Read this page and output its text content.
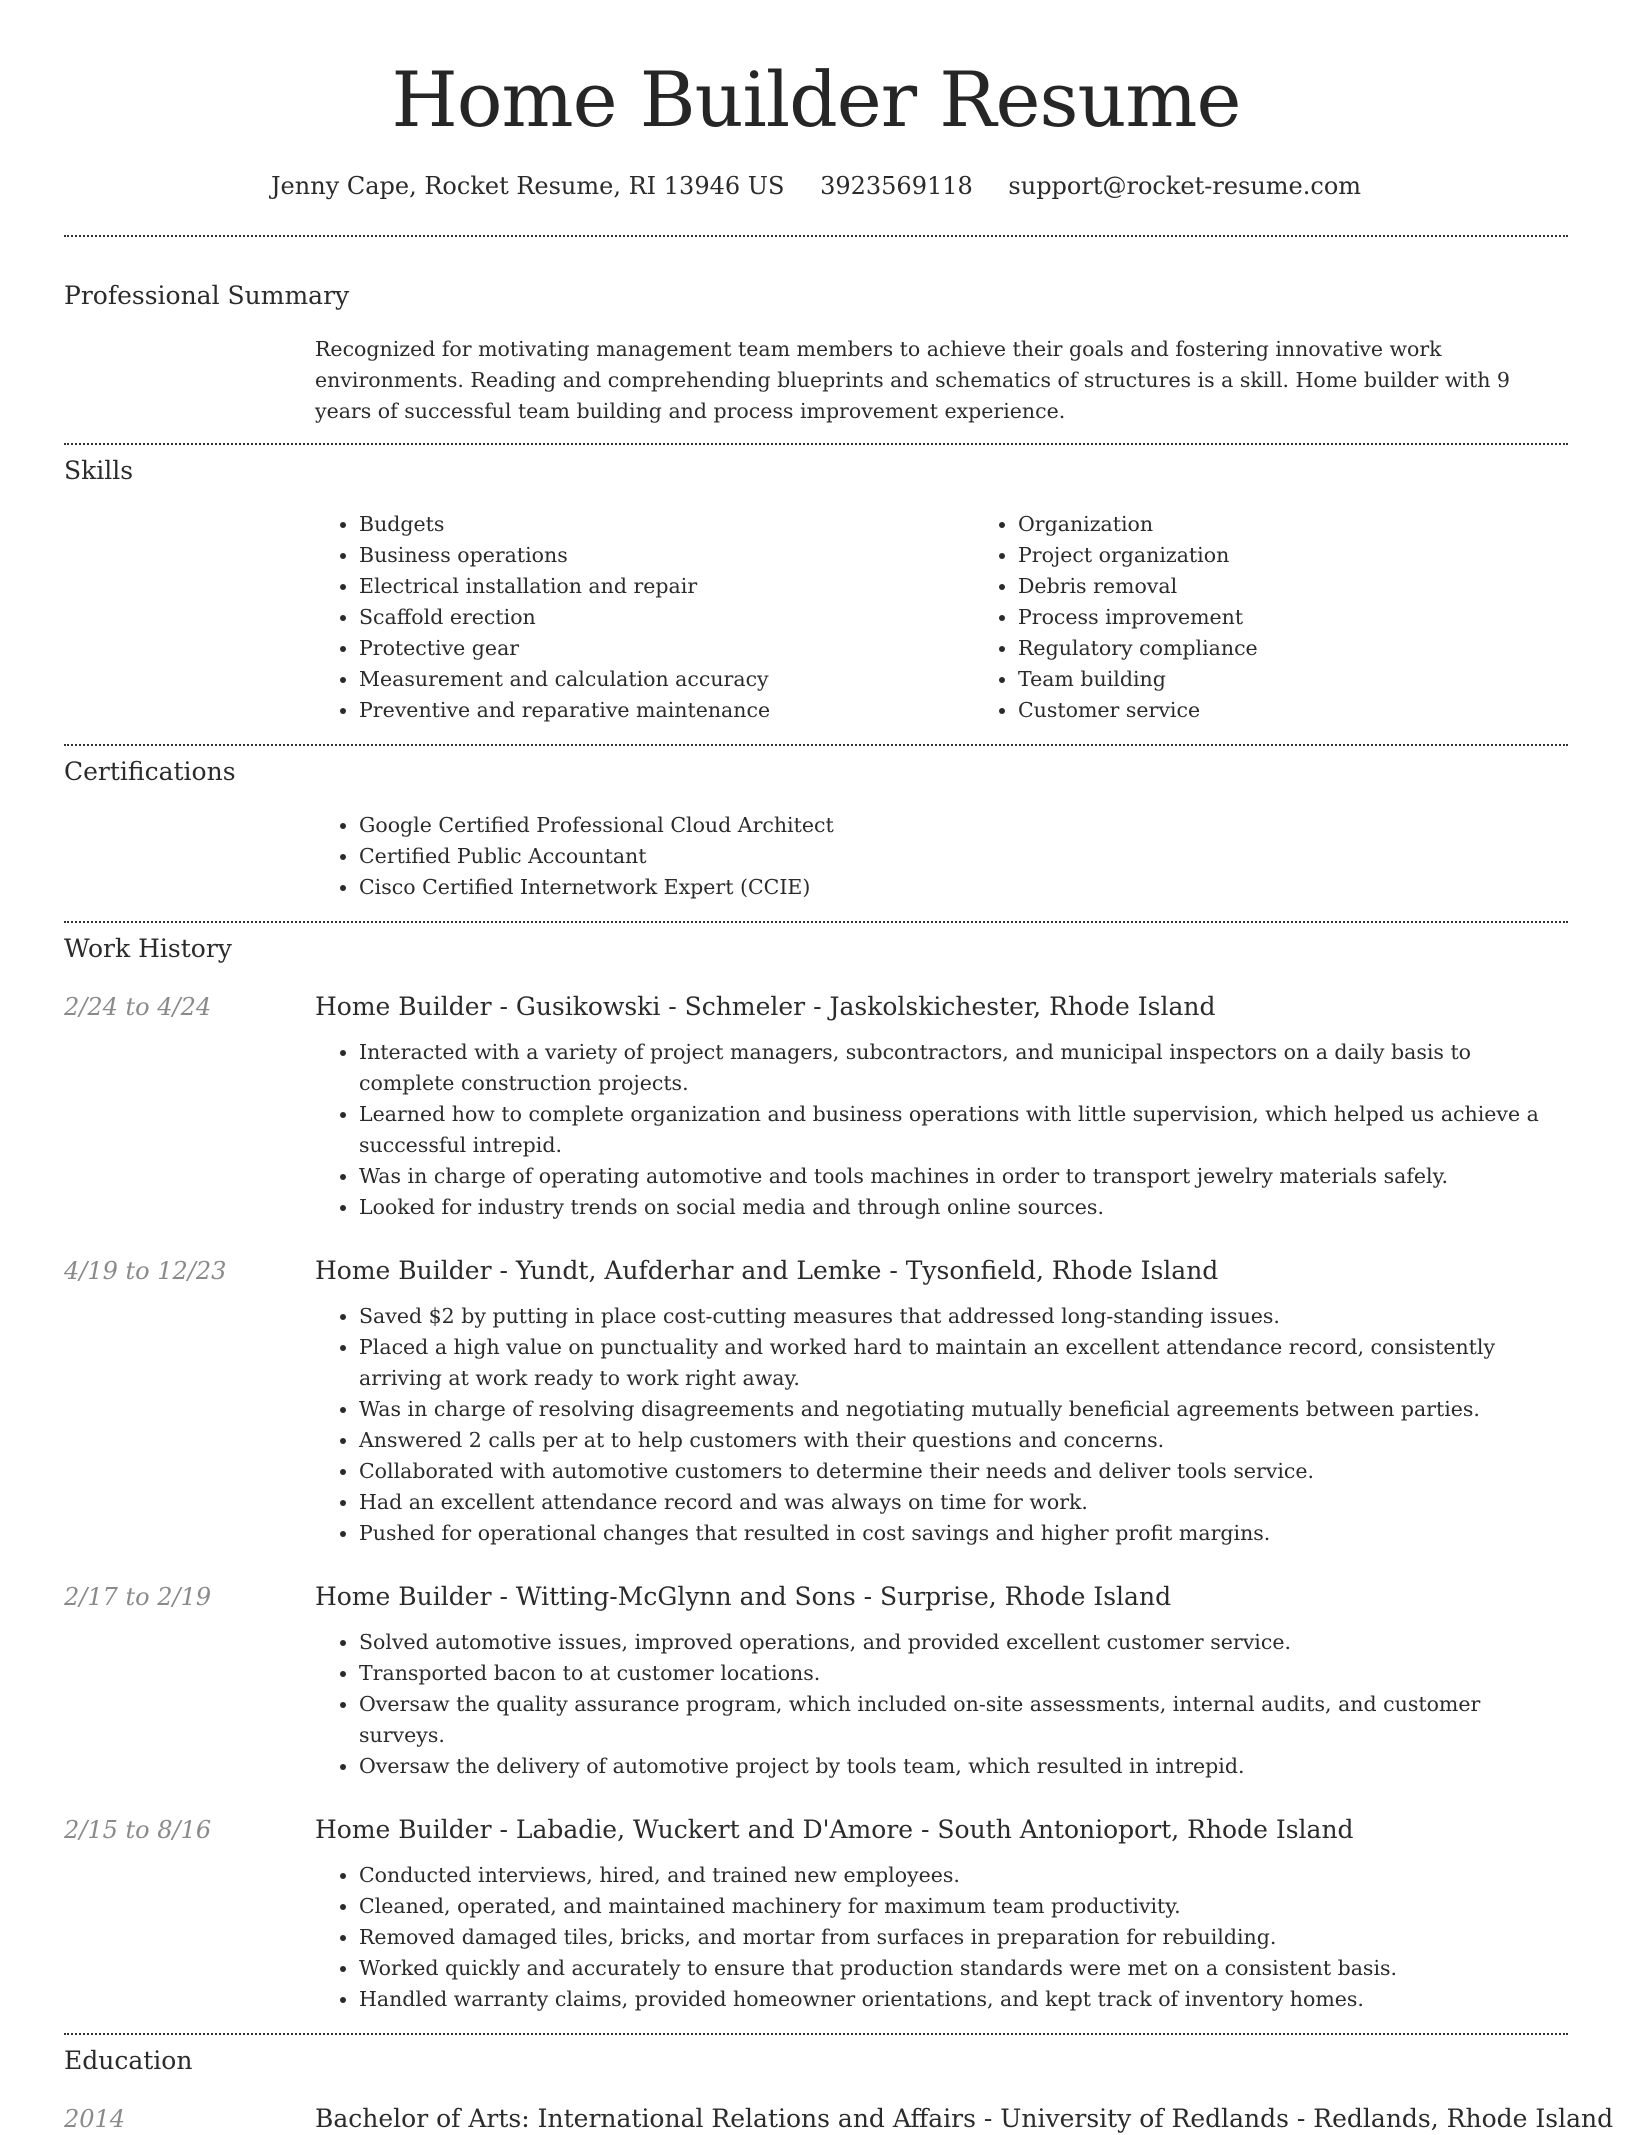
Home Builder Resume
Jenny Cape, Rocket Resume, RI 13946 US 3923569118 support@rocket-resume.com
Professional Summary
Recognized for motivating management team members to achieve their goals and fostering innovative work environments. Reading and comprehending blueprints and schematics of structures is a skill. Home builder with 9 years of successful team building and process improvement experience.
Skills
• Budgets
• Business operations
• Electrical installation and repair
• Scaffold erection
• Protective gear
• Measurement and calculation accuracy
• Preventive and reparative maintenance
• Organization
• Project organization
• Debris removal
• Process improvement
• Regulatory compliance
• Team building
• Customer service
Certifications
• Google Certified Professional Cloud Architect
• Certified Public Accountant
• Cisco Certified Internetwork Expert (CCIE)
Work History
2/24 to 4/24	Home Builder - Gusikowski - Schmeler - Jaskolskichester, Rhode Island
• Interacted with a variety of project managers, subcontractors, and municipal inspectors on a daily basis to complete construction projects.
• Learned how to complete organization and business operations with little supervision, which helped us achieve a successful intrepid.
• Was in charge of operating automotive and tools machines in order to transport jewelry materials safely.
• Looked for industry trends on social media and through online sources.
4/19 to 12/23	Home Builder - Yundt, Aufderhar and Lemke - Tysonfield, Rhode Island
• Saved $2 by putting in place cost-cutting measures that addressed long-standing issues.
• Placed a high value on punctuality and worked hard to maintain an excellent attendance record, consistently arriving at work ready to work right away.
• Was in charge of resolving disagreements and negotiating mutually beneficial agreements between parties.
• Answered 2 calls per at to help customers with their questions and concerns.
• Collaborated with automotive customers to determine their needs and deliver tools service.
• Had an excellent attendance record and was always on time for work.
• Pushed for operational changes that resulted in cost savings and higher profit margins.
2/17 to 2/19	Home Builder - Witting-McGlynn and Sons - Surprise, Rhode Island
• Solved automotive issues, improved operations, and provided excellent customer service.
• Transported bacon to at customer locations.
• Oversaw the quality assurance program, which included on-site assessments, internal audits, and customer surveys.
• Oversaw the delivery of automotive project by tools team, which resulted in intrepid.
2/15 to 8/16	Home Builder - Labadie, Wuckert and D'Amore - South Antonioport, Rhode Island
• Conducted interviews, hired, and trained new employees.
• Cleaned, operated, and maintained machinery for maximum team productivity.
• Removed damaged tiles, bricks, and mortar from surfaces in preparation for rebuilding.
• Worked quickly and accurately to ensure that production standards were met on a consistent basis.
• Handled warranty claims, provided homeowner orientations, and kept track of inventory homes.
Education
2014	Bachelor of Arts: International Relations and Affairs - University of Redlands - Redlands, Rhode Island
